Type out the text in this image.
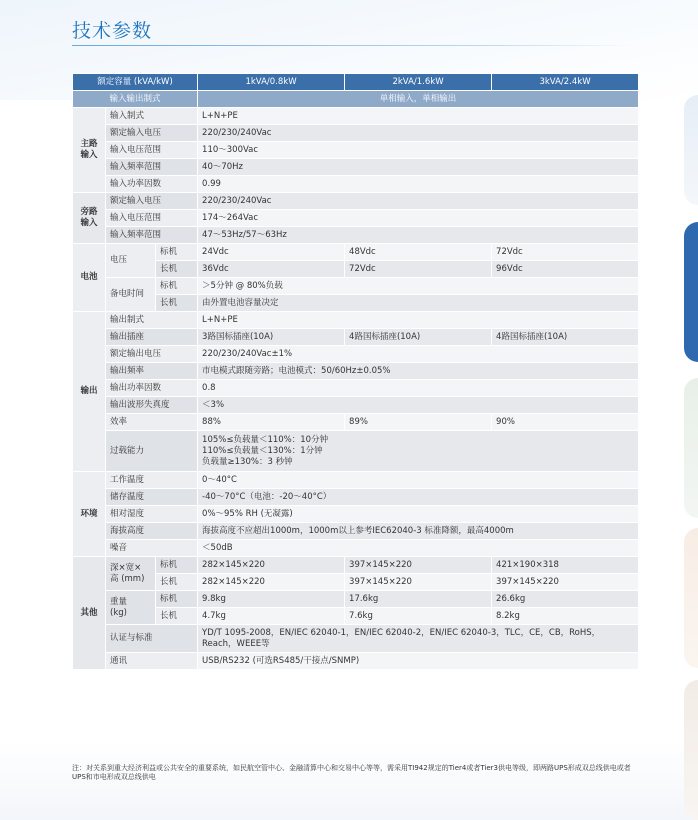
技术参数
额定容量 (kVA/kW)			1kVA/0.8kW	2kVA/1.6kW	3kVA/2.4kW
输入输出制式			单相输入，单相输出		
主路
输入	输入制式		L+N+PE		
	额定输入电压		220/230/240Vac		
	输入电压范围		110～300Vac		
	输入频率范围		40～70Hz		
	输入功率因数		0.99		
旁路
输入	额定输入电压		220/230/240Vac		
	输入电压范围		174～264Vac		
	输入频率范围		47～53Hz/57～63Hz		
电池	电压	标机	24Vdc	48Vdc	72Vdc
		长机	36Vdc	72Vdc	96Vdc
	备电时间	标机	＞5分钟 @ 80%负载		
		长机	由外置电池容量决定		
输出	输出制式		L+N+PE		
	输出插座		3路国标插座(10A)	4路国标插座(10A)	4路国标插座(10A)
	额定输出电压		220/230/240Vac±1%		
	输出频率		市电模式跟随旁路；电池模式：50/60Hz±0.05%		
	输出功率因数		0.8		
	输出波形失真度		＜3%		
	效率		88%	89%	90%
	过载能力		105%≤负载量＜110%：10分钟
110%≤负载量＜130%：1分钟
负载量≥130%：3 秒钟		

环境	工作温度		0～40°C		
	储存温度		-40～70°C（电池：-20～40°C）		
	相对湿度		0%～95% RH (无凝露)		
	海拔高度		海拔高度不应超出1000m，1000m以上参考IEC62040-3 标准降额，最高4000m		
	噪音		＜50dB		
其他	深×宽×
高 (mm)	标机	282×145×220	397×145×220	421×190×318
		长机	282×145×220	397×145×220	397×145×220
	重量
(kg)	标机	9.8kg	17.6kg	26.6kg
		长机	4.7kg	7.6kg	8.2kg
	认证与标准		YD/T 1095-2008，EN/IEC 62040-1，EN/IEC 62040-2，EN/IEC 62040-3，TLC，CE，CB，RoHS，Reach，WEEE等		
	通讯		USB/RS232 (可选RS485/干接点/SNMP)		
注：对关系到重大经济利益或公共安全的重要系统，如民航空管中心、金融清算中心和交易中心等等，需采用TI942规定的Tier4或者Tier3供电等级，即两路UPS形成双总线供电或者UPS和市电形成双总线供电
